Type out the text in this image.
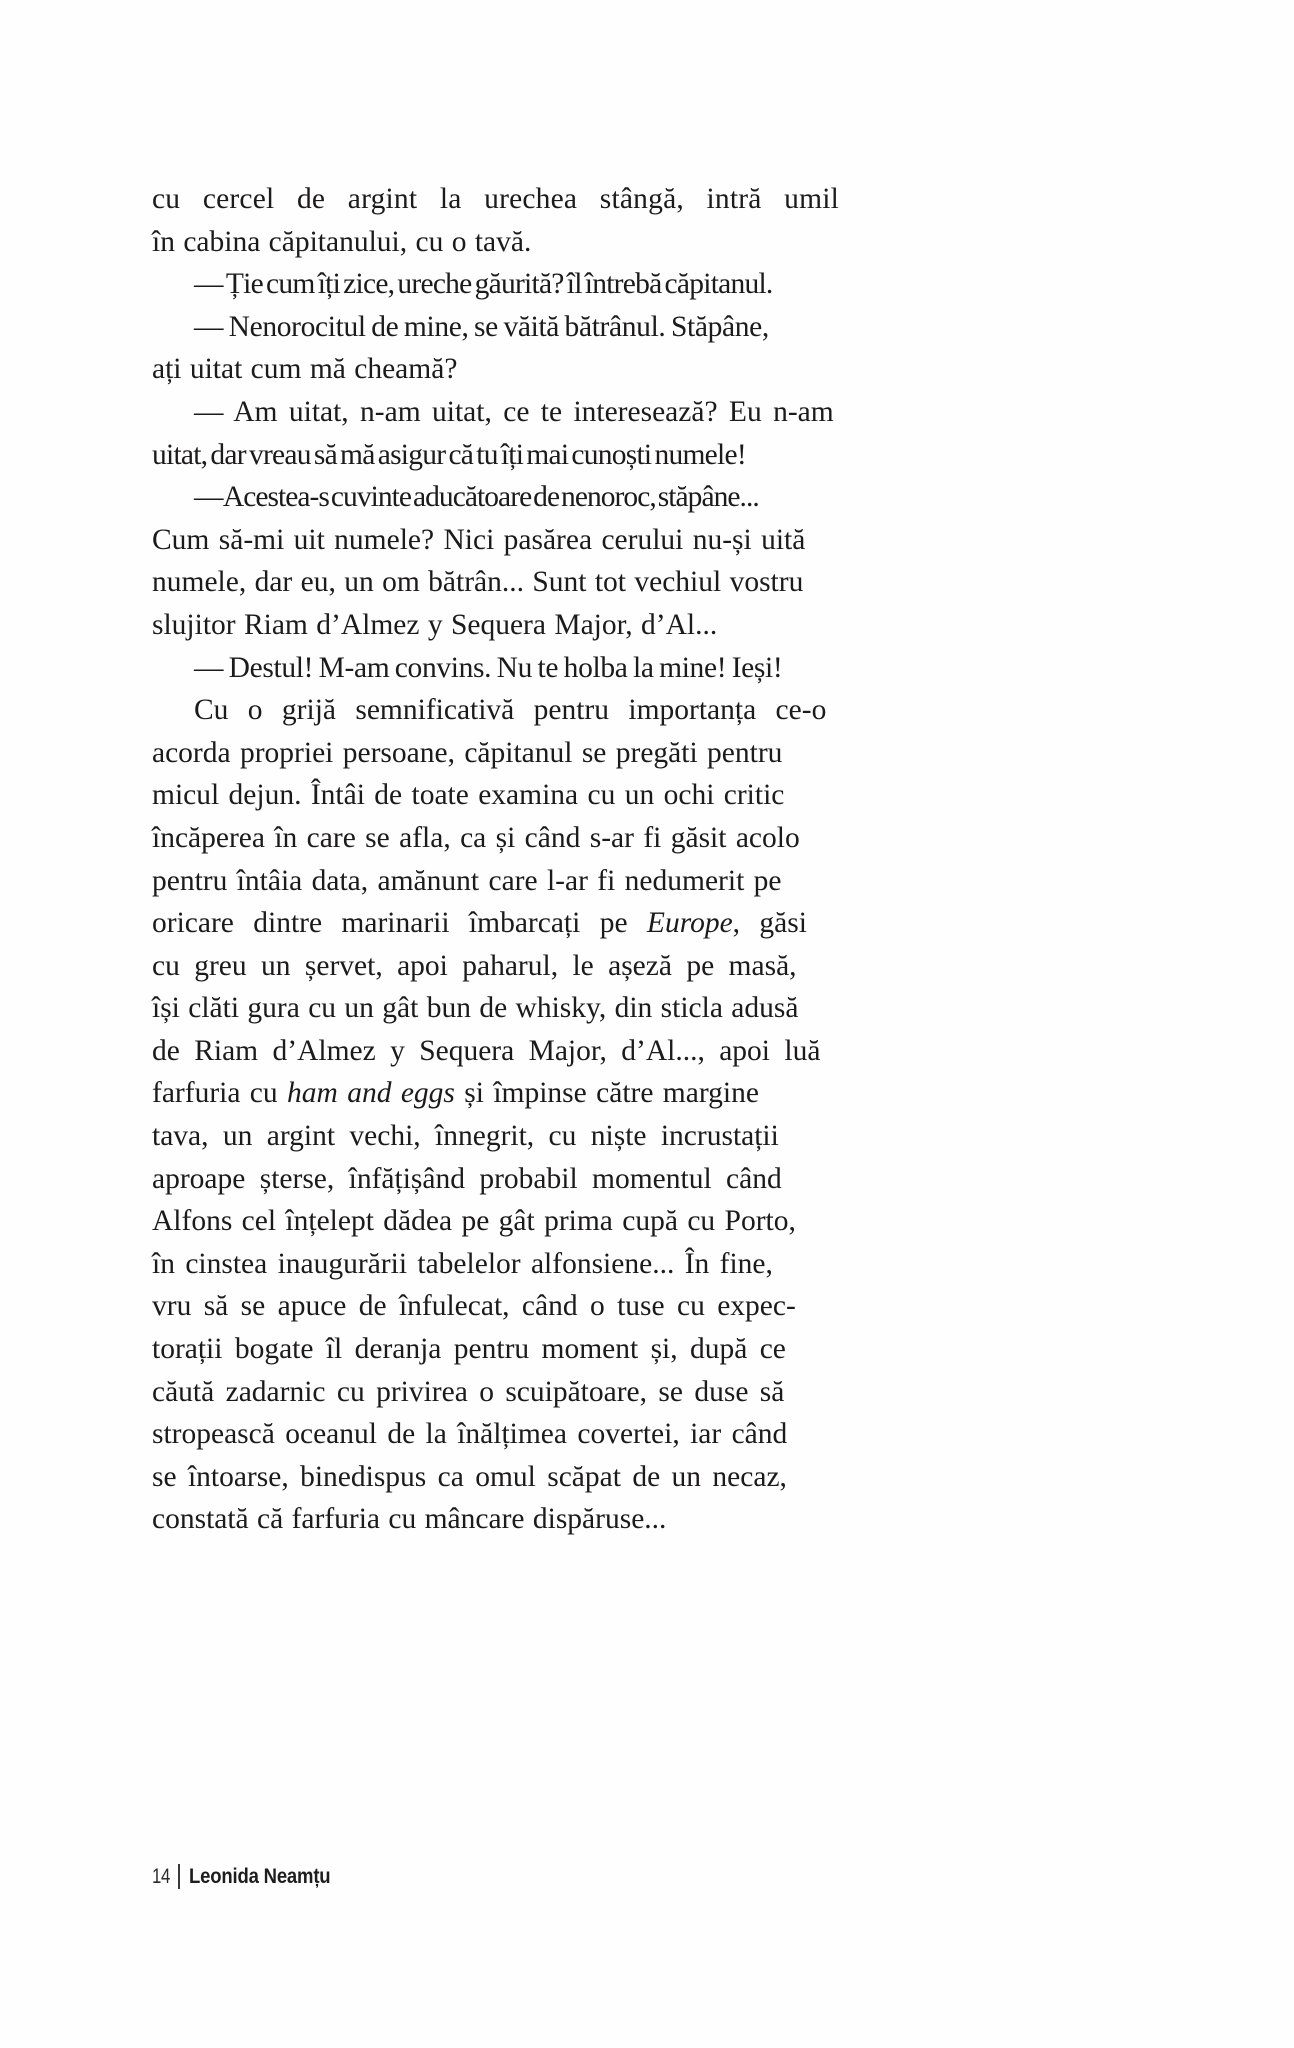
cu cercel de argint la urechea stângă, intră umil
în cabina căpitanului, cu o tavă.
— Ție cum îți zice, ureche găurită? îl întrebă căpitanul.
— Nenorocitul de mine, se văită bătrânul. Stăpâne,
ați uitat cum mă cheamă?
— Am uitat, n-am uitat, ce te interesează? Eu n-am
uitat, dar vreau să mă asigur că tu îți mai cunoști numele!
— Acestea-s cuvinte aducătoare de nenoroc, stăpâne...
Cum să-mi uit numele? Nici pasărea cerului nu-și uită
numele, dar eu, un om bătrân... Sunt tot vechiul vostru
slujitor Riam d’Almez y Sequera Major, d’Al...
— Destul! M-am convins. Nu te holba la mine! Ieși!
Cu o grijă semnificativă pentru importanța ce-o
acorda propriei persoane, căpitanul se pregăti pentru
micul dejun. Întâi de toate examina cu un ochi critic
încăperea în care se afla, ca și când s-ar fi găsit acolo
pentru întâia data, amănunt care l-ar fi nedumerit pe
oricare dintre marinarii îmbarcați pe Europe, găsi
cu greu un șervet, apoi paharul, le așeză pe masă,
își clăti gura cu un gât bun de whisky, din sticla adusă
de Riam d’Almez y Sequera Major, d’Al..., apoi luă
farfuria cu ham and eggs și împinse către margine
tava, un argint vechi, înnegrit, cu niște incrustații
aproape șterse, înfățișând probabil momentul când
Alfons cel înțelept dădea pe gât prima cupă cu Porto,
în cinstea inaugurării tabelelor alfonsiene... În fine,
vru să se apuce de înfulecat, când o tuse cu expec-
torații bogate îl deranja pentru moment și, după ce
căută zadarnic cu privirea o scuipătoare, se duse să
stropească oceanul de la înălțimea covertei, iar când
se întoarse, binedispus ca omul scăpat de un necaz,
constată că farfuria cu mâncare dispăruse...
14 Leonida Neamțu
